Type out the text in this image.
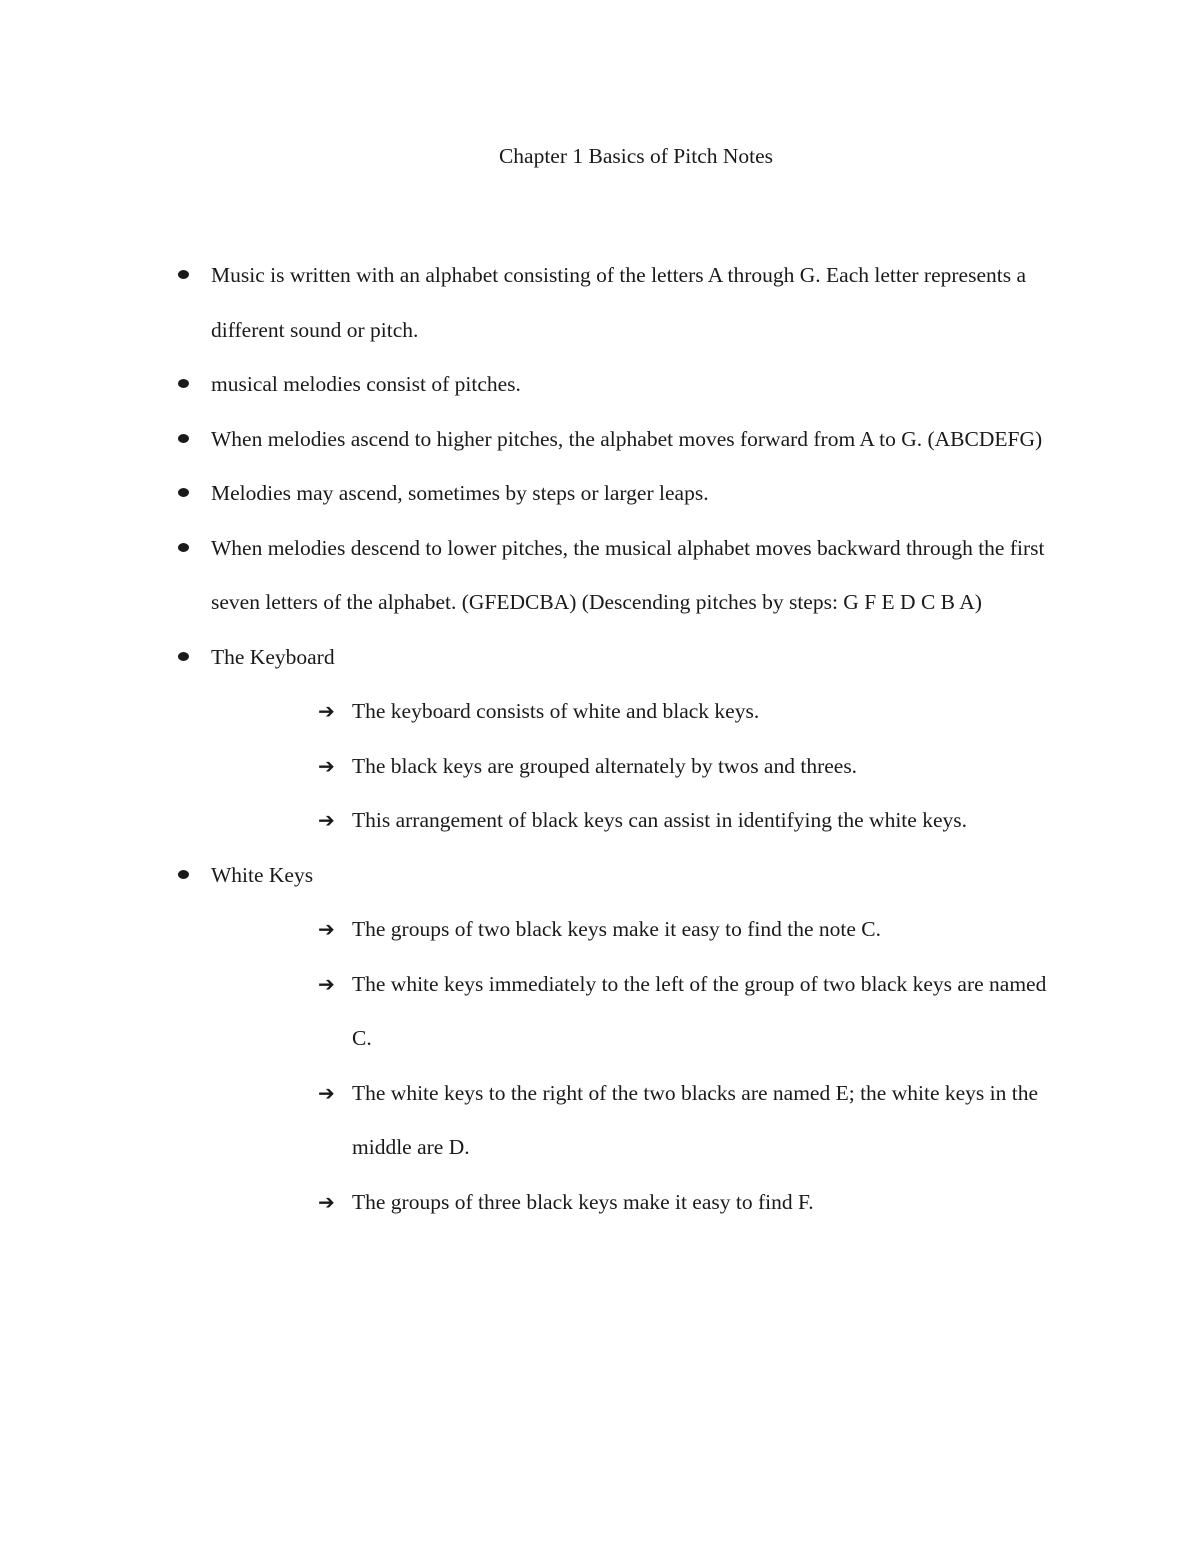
Chapter 1 Basics of Pitch Notes
Music is written with an alphabet consisting of the letters A through G. Each letter represents a different sound or pitch.
musical melodies consist of pitches.
When melodies ascend to higher pitches, the alphabet moves forward from A to G. (ABCDEFG)
Melodies may ascend, sometimes by steps or larger leaps.
When melodies descend to lower pitches, the musical alphabet moves backward through the first seven letters of the alphabet. (GFEDCBA) (Descending pitches by steps: G F E D C B A)
The Keyboard
➔ The keyboard consists of white and black keys.
➔ The black keys are grouped alternately by twos and threes.
➔ This arrangement of black keys can assist in identifying the white keys.
White Keys
➔ The groups of two black keys make it easy to find the note C.
➔ The white keys immediately to the left of the group of two black keys are named C.
➔ The white keys to the right of the two blacks are named E; the white keys in the middle are D.
➔ The groups of three black keys make it easy to find F.
